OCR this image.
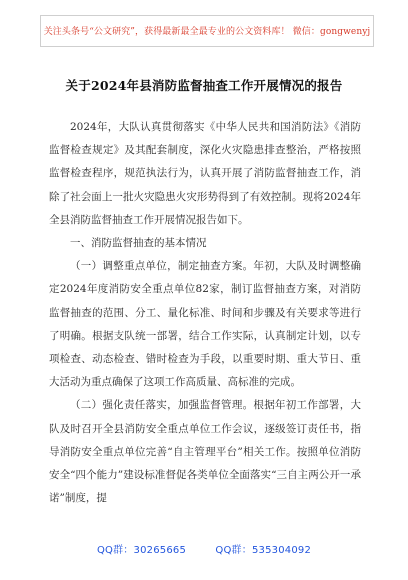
关注头条号“公文研究”，获得最新最全最专业的公文资料库！ 微信：gongwenyj
关于2024年县消防监督抽查工作开展情况的报告

2024年，大队认真贯彻落实《中华人民共和国消防法》《消防监督检查规定》及其配套制度，深化火灾隐患排查整治，严格按照监督检查程序，规范执法行为，认真开展了消防监督抽查工作，消除了社会面上一批火灾隐患火灾形势得到了有效控制。现将2024年全县消防监督抽查工作开展情况报告如下。

一、消防监督抽查的基本情况

（一）调整重点单位，制定抽查方案。年初，大队及时调整确定2024年度消防安全重点单位82家，制订监督抽查方案，对消防监督抽查的范围、分工、量化标准、时间和步骤及有关要求等进行了明确。根据支队统一部署，结合工作实际，认真制定计划，以专项检查、动态检查、错时检查为手段，以重要时期、重大节日、重大活动为重点确保了这项工作高质量、高标准的完成。

（二）强化责任落实，加强监督管理。根据年初工作部署，大队及时召开全县消防安全重点单位工作会议，逐级签订责任书，指导消防安全重点单位完善“自主管理平台”相关工作。按照单位消防安全“四个能力”建设标准督促各类单位全面落实“三自主两公开一承诺”制度，提

QQ群：30265665	QQ群：535304092
